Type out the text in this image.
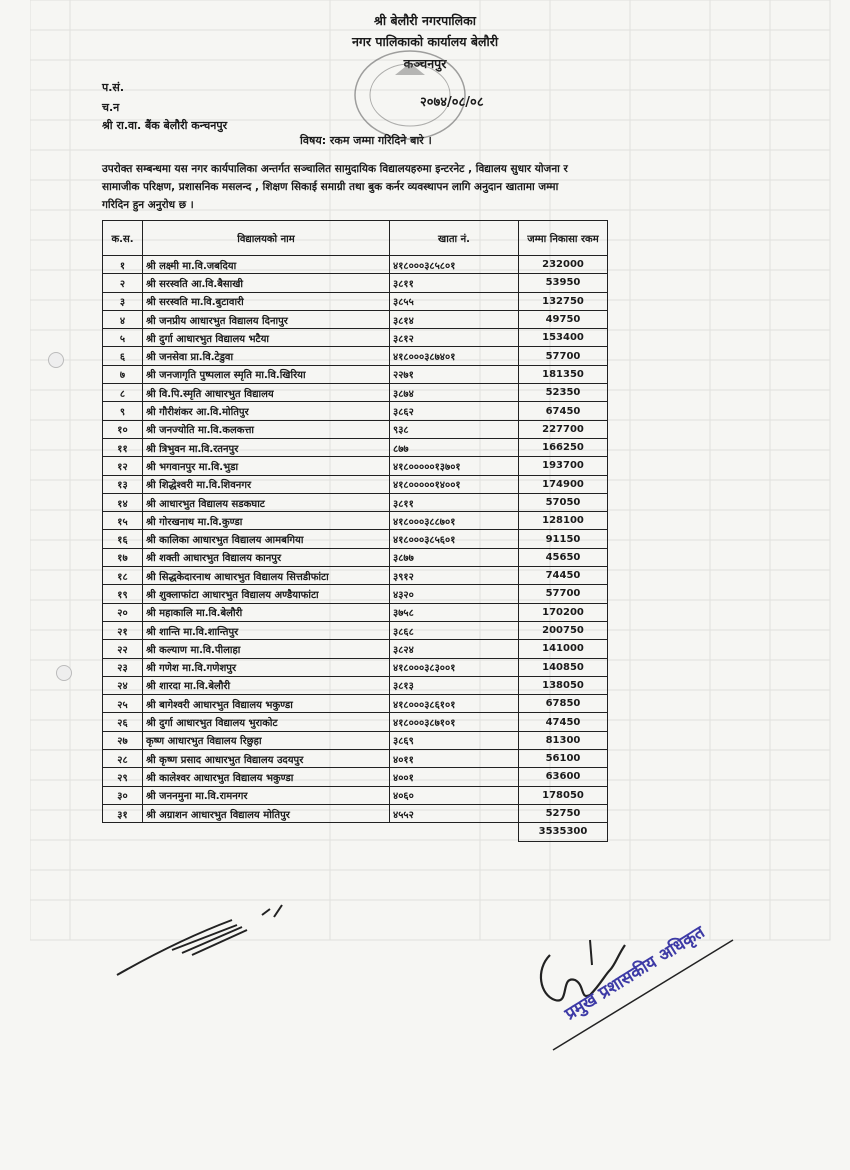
श्री बेलौरी नगरपालिका
नगर पालिकाको कार्यालय बेलौरी
कञ्चनपुर
प.सं.
च.न
श्री रा.वा. बैंक बेलौरी कन्चनपुर
२०७४/०८/०८
विषय: रकम जम्मा गरिदिने बारे ।
उपरोक्त सम्बन्धमा यस नगर कार्यपालिका अन्तर्गत सञ्चालित सामुदायिक विद्यालयहरुमा इन्टरनेट , विद्यालय सुधार योजना र सामाजीक परिक्षण, प्रशासनिक मसलन्द , शिक्षण सिकाई समाग्री तथा बुक कर्नर व्यवस्थापन लागि अनुदान खाताम‍ा जम्मा गरिदिन हुन अनुरोध छ ।
क.स.	विद्यालयको नाम	खाता नं.	जम्मा निकासा रकम
१	श्री लक्ष्मी मा.वि.जबदिया	४१८०००३८५८०१	232000
२	श्री सरस्वति आ.वि.बैसाखी	३८११	53950
३	श्री सरस्वति मा.वि.बुटावारी	३८५५	132750
४	श्री जनप्रीय आधारभुत विद्यालय दिनापुर	३८१४	49750
५	श्री दुर्गा आधारभुत विद्यालय भटैया	३८१२	153400
६	श्री जनसेवा प्रा.वि.टेडुवा	४१८०००३८७४०१	57700
७	श्री जनजागृति पुष्पलाल स्मृति मा.वि.खिरिया	२२७१	181350
८	श्री वि.पि.स्मृति आधारभुत विद्यालय	३८७४	52350
९	श्री गौरीशंकर आ.वि.मोतिपुर	३८६२	67450
१०	श्री जनज्योति मा.वि.कलकत्ता	९३८	227700
११	श्री त्रिभुवन मा.वि.रतनपुर	८७७	166250
१२	श्री भगवानपुर मा.वि.भुडा	४१८०००००१३७०१	193700
१३	श्री शिद्धेश्वरी मा.वि.शिवनगर	४१८०००००१४००१	174900
१४	श्री आधारभुत विद्यालय सडकघाट	३८११	57050
१५	श्री गोरखनाथ मा.वि.कुण्डा	४१८०००३८८७०१	128100
१६	श्री कालिका आधारभुत विद्यालय आमबगिया	४१८०००३८५६०१	91150
१७	श्री शक्ती आधारभुत विद्यालय कानपुर	३८७७	45650
१८	श्री सिद्धकेदारनाथ आधारभुत विद्यालय सित्तडीफांटा	३९१२	74450
१९	श्री शुक्लाफांटा आधारभुत विद्यालय अण्डैयाफांटा	४३२०	57700
२०	श्री महाकालि मा.वि.बेलौरी	३७५८	170200
२१	श्री शान्ति मा.वि.शान्तिपुर	३८६८	200750
२२	श्री कल्याण मा.वि.पीलाहा	३८२४	141000
२३	श्री गणेश मा.वि.गणेशपुर	४१८०००३८३००१	140850
२४	श्री शारदा मा.वि.बेलौरी	३८१३	138050
२५	श्री बागेश्वरी आधारभुत विद्यालय भकुण्डा	४१८०००३८६१०१	67850
२६	श्री दुर्गा आधारभुत विद्यालय भुराकोट	४१८०००३८७१०१	47450
२७	कृष्ण आधारभुत विद्यालय रिछुहा	३८६९	81300
२८	श्री कृष्ण प्रसाद आधारभुत विद्यालय उदयपुर	४०११	56100
२९	श्री कालेश्वर आधारभुत विद्यालय भकुण्डा	४००१	63600
३०	श्री जननमुना मा.वि.रामनगर	४०६०	178050
३१	श्री अग्राशन आधारभुत विद्यालय मोतिपुर	४५५२	52750
			3535300
प्रमुख प्रशासकीय अधिकृत
